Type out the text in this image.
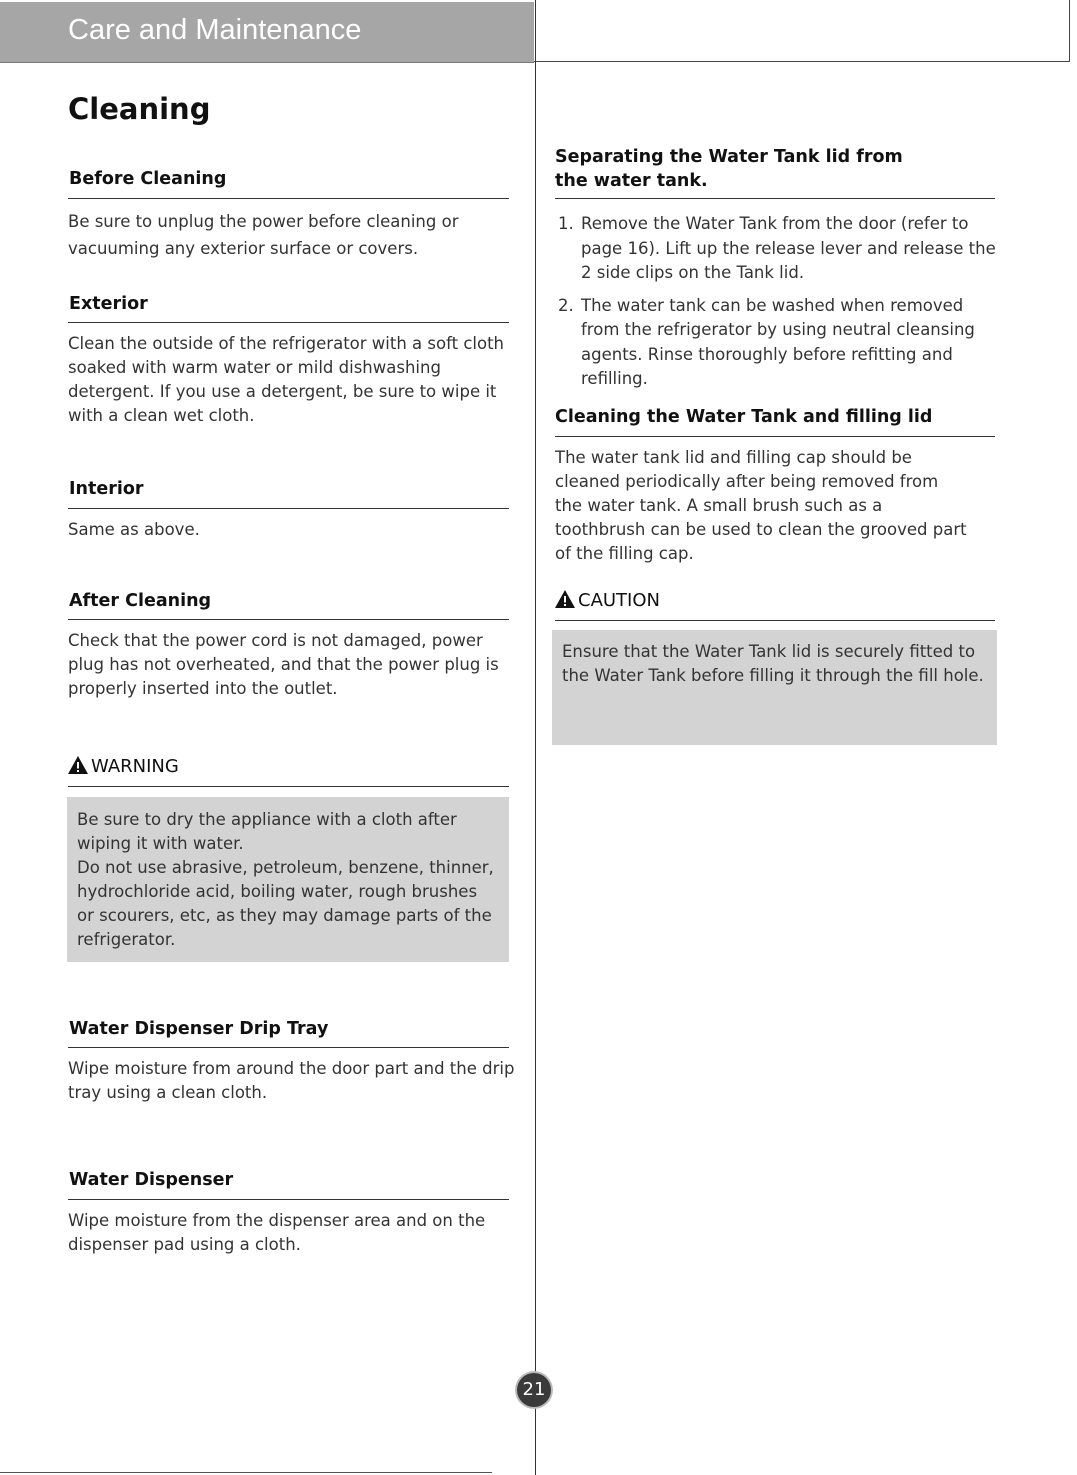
Care and Maintenance
Cleaning
Before Cleaning

Be sure to unplug the power before cleaning or vacuuming any exterior surface or covers.

Exterior

Clean the outside of the refrigerator with a soft cloth soaked with warm water or mild dishwashing detergent. If you use a detergent, be sure to wipe it with a clean wet cloth.

Interior

Same as above.

After Cleaning

Check that the power cord is not damaged, power plug has not overheated, and that the power plug is properly inserted into the outlet.

WARNING

Be sure to dry the appliance with a cloth after wiping it with water.

Do not use abrasive, petroleum, benzene, thinner, hydrochloride acid, boiling water, rough brushes or scourers, etc, as they may damage parts of the refrigerator.

Water Dispenser Drip Tray

Wipe moisture from around the door part and the drip tray using a clean cloth.

Water Dispenser

Wipe moisture from the dispenser area and on the dispenser pad using a cloth.

Separating the Water Tank lid from the water tank.
1. Remove the Water Tank from the door (refer to page 16). Lift up the release lever and release the 2 side clips on the Tank lid.
2. The water tank can be washed when removed from the refrigerator by using neutral cleansing agents. Rinse thoroughly before refitting and refilling.
Cleaning the Water Tank and filling lid

The water tank lid and filling cap should be cleaned periodically after being removed from the water tank. A small brush such as a toothbrush can be used to clean the grooved part of the filling cap.

CAUTION

Ensure that the Water Tank lid is securely fitted to the Water Tank before filling it through the fill hole.

21
